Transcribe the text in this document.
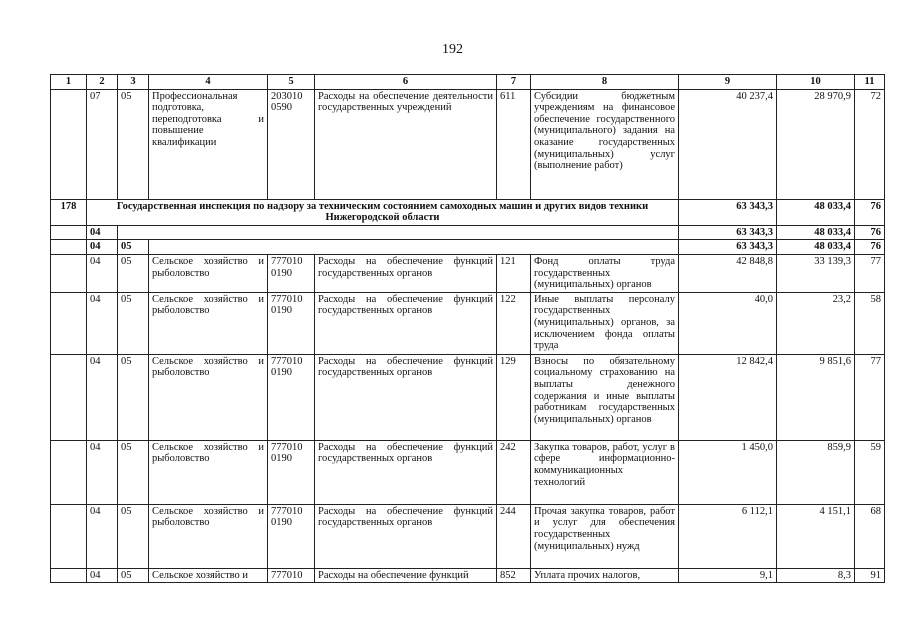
192
1	2	3	4	5	6	7	8	9	10	11
	07	05	Профессиональная подготовка, переподготовка и повышение квалификации	203010 0590	Расходы на обеспечение деятельности государственных учреждений	611	Субсидии бюджетным учреждениям на финансовое обеспечение государственного (муниципального) задания на оказание государственных (муниципальных) услуг (выполнение работ)	40 237,4	28 970,9	72
178	Государственная инспекция по надзору за техническим состоянием самоходных машин и других видов техники Нижегородской области							63 343,3	48 033,4	76
	04							63 343,3	48 033,4	76
	04	05						63 343,3	48 033,4	76
	04	05	Сельское хозяйство и рыболовство	777010 0190	Расходы на обеспечение функций государственных органов	121	Фонд оплаты труда государственных (муниципальных) органов	42 848,8	33 139,3	77
	04	05	Сельское хозяйство и рыболовство	777010 0190	Расходы на обеспечение функций государственных органов	122	Иные выплаты персоналу государственных (муниципальных) органов, за исключением фонда оплаты труда	40,0	23,2	58
	04	05	Сельское хозяйство и рыболовство	777010 0190	Расходы на обеспечение функций государственных органов	129	Взносы по обязательному социальному страхованию на выплаты денежного содержания и иные выплаты работникам государственных (муниципальных) органов	12 842,4	9 851,6	77
	04	05	Сельское хозяйство и рыболовство	777010 0190	Расходы на обеспечение функций государственных органов	242	Закупка товаров, работ, услуг в сфере информационно-коммуникационных технологий	1 450,0	859,9	59
	04	05	Сельское хозяйство и рыболовство	777010 0190	Расходы на обеспечение функций государственных органов	244	Прочая закупка товаров, работ и услуг для обеспечения государственных (муниципальных) нужд	6 112,1	4 151,1	68
	04	05	Сельское хозяйство и	777010	Расходы на обеспечение функций	852	Уплата прочих налогов,	9,1	8,3	91
